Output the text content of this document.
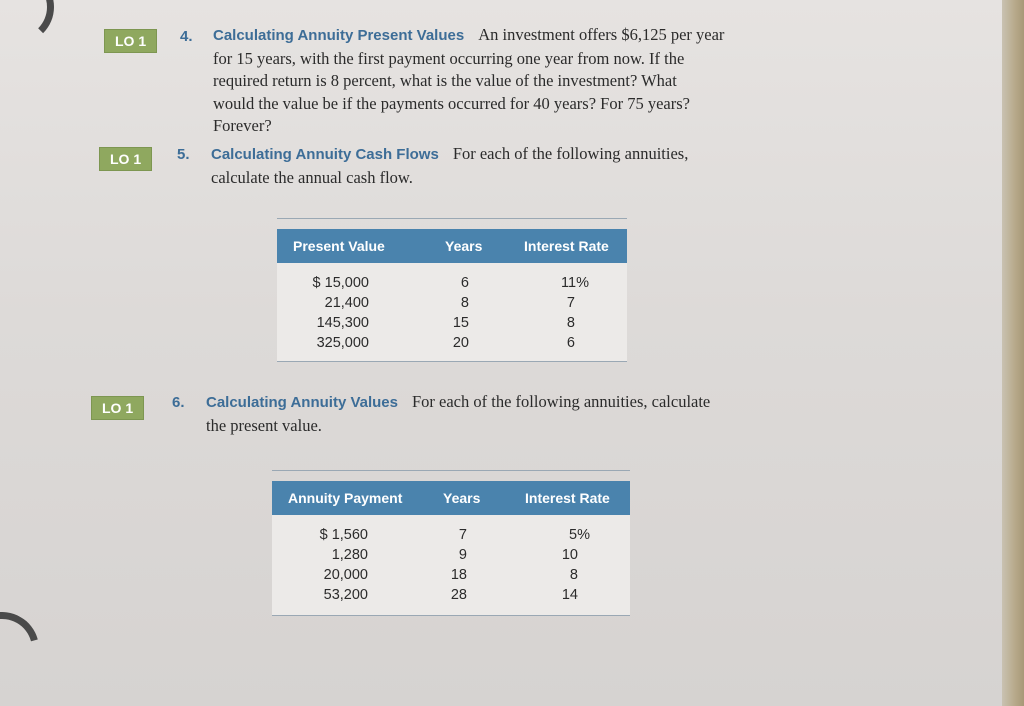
LO 1	4. Calculating Annuity Present Values An investment offers $6,125 per year
for 15 years, with the first payment occurring one year from now. If the
required return is 8 percent, what is the value of the investment? What
would the value be if the payments occurred for 40 years? For 75 years?
Forever?
LO 1	5. Calculating Annuity Cash Flows For each of the following annuities,
calculate the annual cash flow.
Present Value	Years	Interest Rate
$ 15,000	6	11%
21,400	8	7
145,300	15	8
325,000	20	6
LO 1	6. Calculating Annuity Values For each of the following annuities, calculate
the present value.
Annuity Payment	Years	Interest Rate
$ 1,560	7	5%
1,280	9	10
20,000	18	8
53,200	28	14
